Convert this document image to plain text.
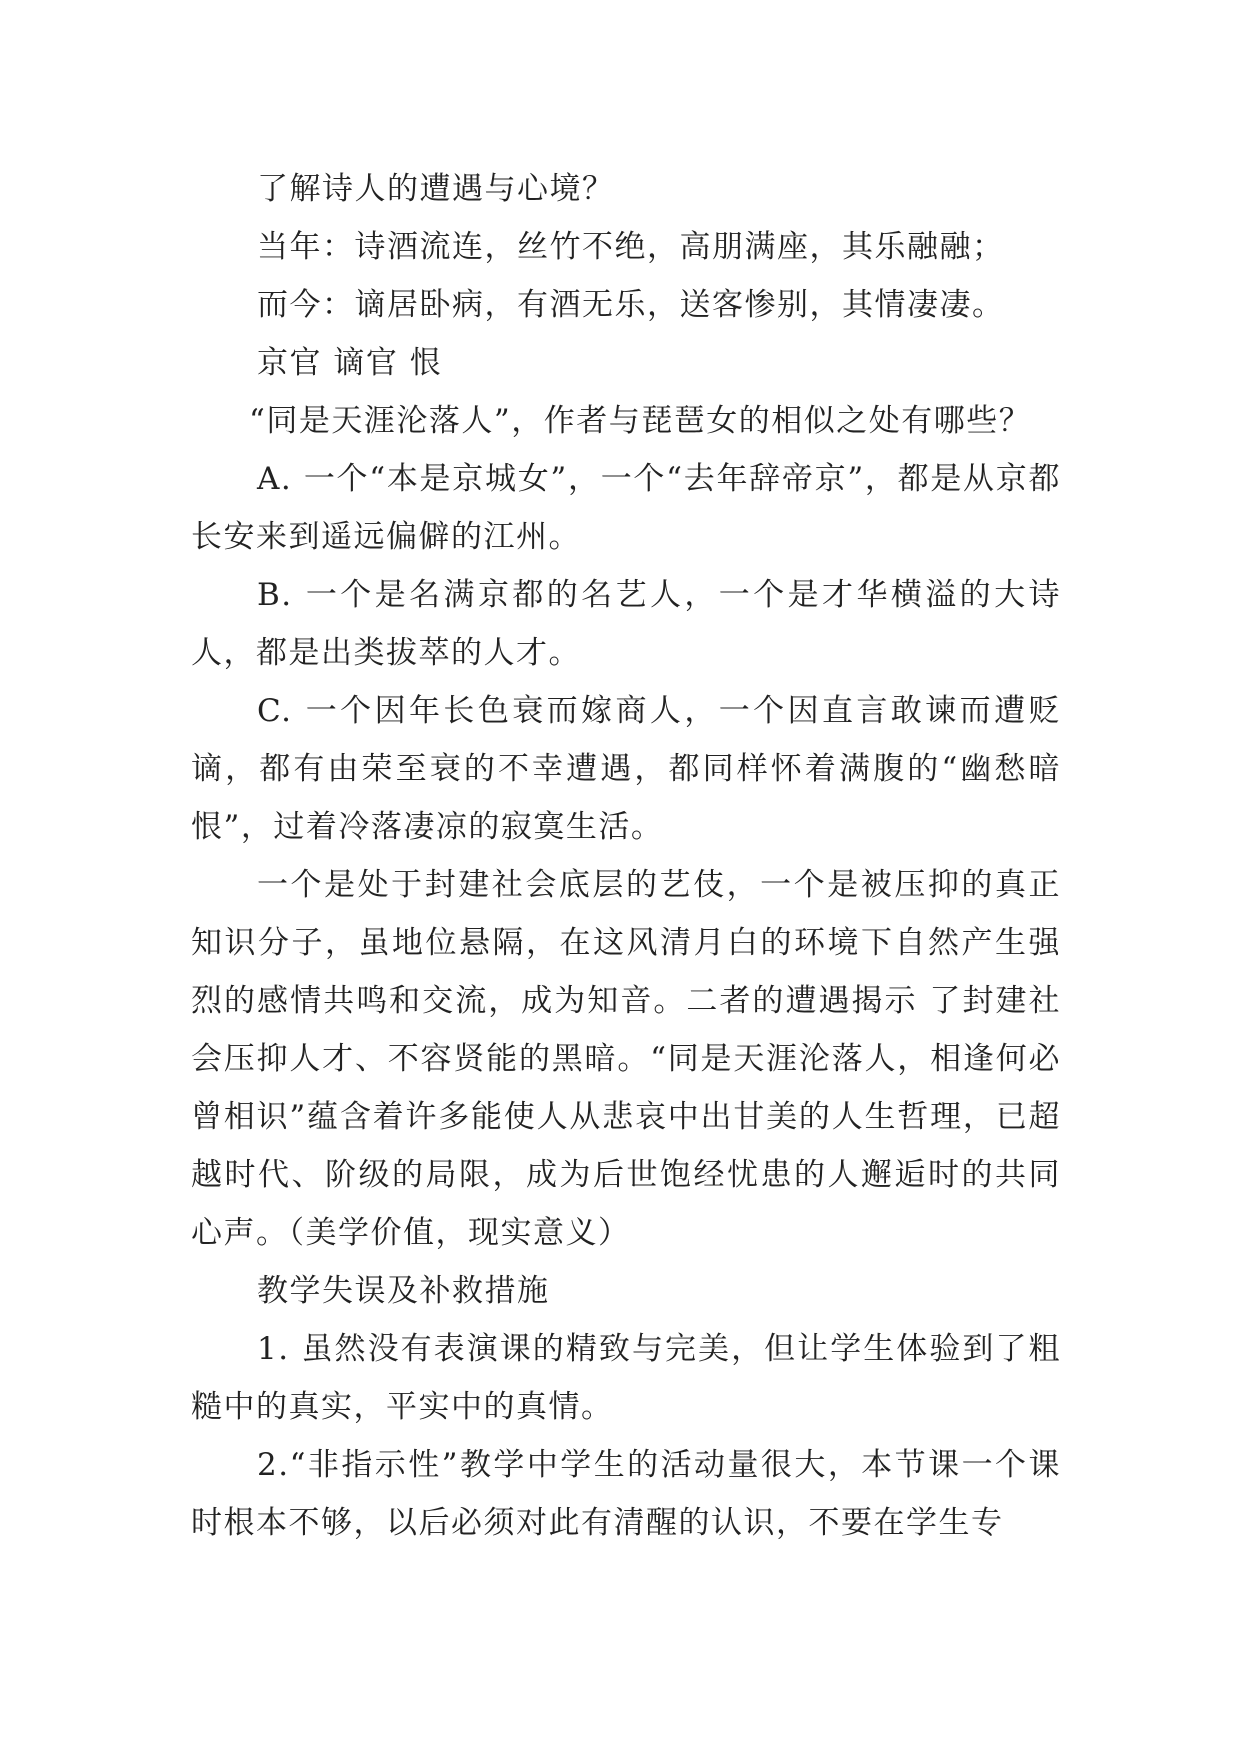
了解诗人的遭遇与心境？

当年：诗酒流连，丝竹不绝，高朋满座，其乐融融；

而今：谪居卧病，有酒无乐，送客惨别，其情凄凄。

京官 谪官 恨

“同是天涯沦落人”，作者与琵琶女的相似之处有哪些？

A. 一个“本是京城女”，一个“去年辞帝京”，都是从京都长安来到遥远偏僻的江州。

B. 一个是名满京都的名艺人，一个是才华横溢的大诗人，都是出类拔萃的人才。

C. 一个因年长色衰而嫁商人，一个因直言敢谏而遭贬谪，都有由荣至衰的不幸遭遇，都同样怀着满腹的“幽愁暗恨”，过着冷落凄凉的寂寞生活。

一个是处于封建社会底层的艺伎，一个是被压抑的真正知识分子，虽地位悬隔，在这风清月白的环境下自然产生强烈的感情共鸣和交流，成为知音。二者的遭遇揭示 了封建社会压抑人才、不容贤能的黑暗。“同是天涯沦落人，相逢何必曾相识”蕴含着许多能使人从悲哀中出甘美的人生哲理，已超越时代、阶级的局限，成为后世饱经忧患的人邂逅时的共同心声。（美学价值，现实意义）

教学失误及补救措施

1. 虽然没有表演课的精致与完美，但让学生体验到了粗糙中的真实，平实中的真情。

2.“非指示性”教学中学生的活动量很大，本节课一个课时根本不够，以后必须对此有清醒的认识，不要在学生专
